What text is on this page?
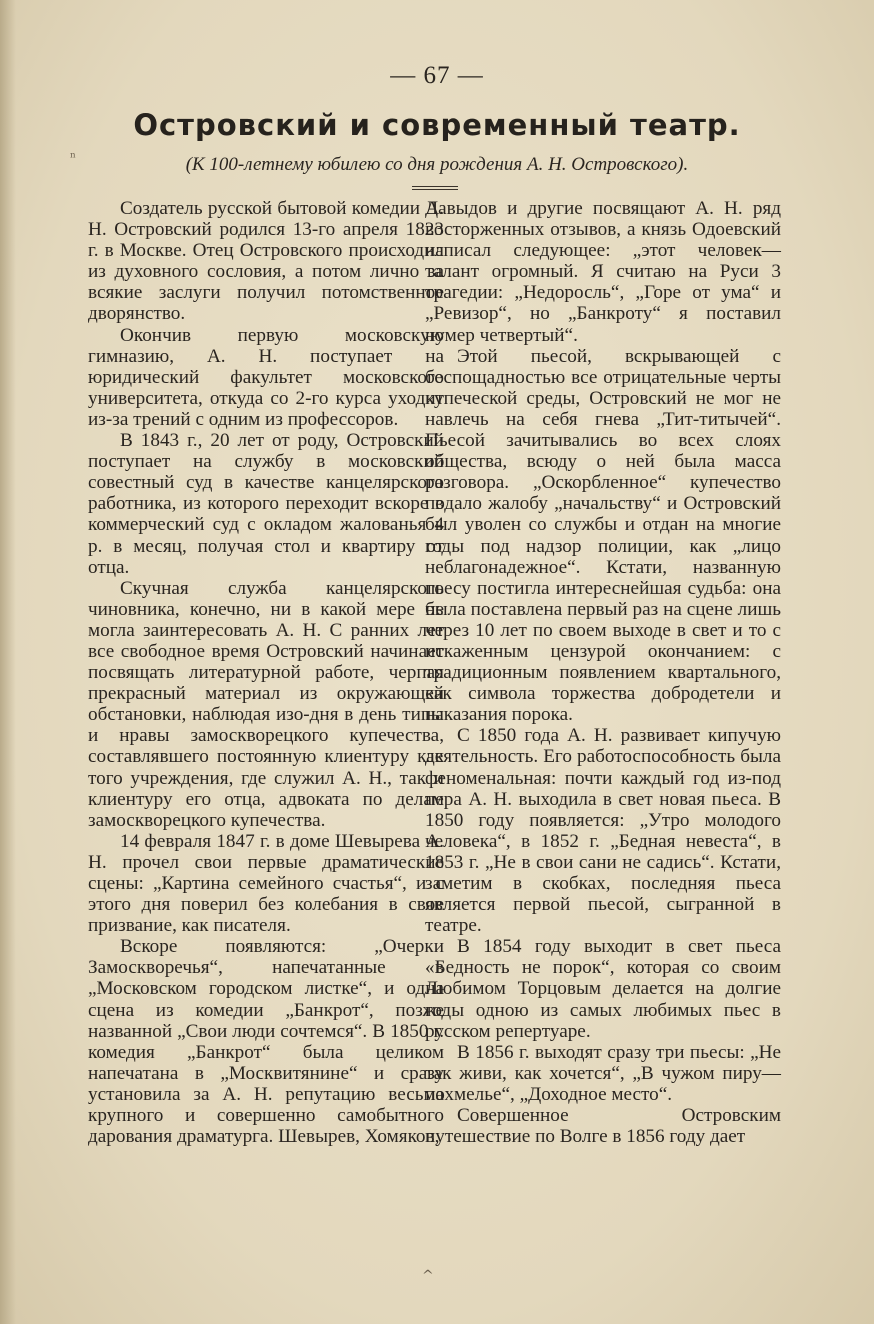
ⁿ
^
— 67 —
Островский и современный театр.
(К 100-летнему юбилею со дня рождения А. Н. Островского).

Создатель русской бытовой комедии А. Н. Островский родился 13-го апреля 1823 г. в Москве. Отец Островского происходил из духовного сословия, а потом лично за всякие заслуги получил потомственное дворянство.

Окончив первую московскую гимназию, А. Н. поступает на юридический факультет московского университета, откуда со 2-го курса уходит из-за трений с одним из профессоров.

В 1843 г., 20 лет от роду, Островский поступает на службу в московский совестный суд в качестве канцелярского работника, из которого переходит вскоре в коммерческий суд с окладом жалованья 4 р. в месяц, получая стол и квартиру от отца.

Скучная служба канцелярского чиновника, конечно, ни в какой мере не могла заинтересовать А. Н. С ранних лет все свободное время Островский начинает посвящать литературной работе, черпая прекрасный материал из окружающей обстановки, наблюдая изо-дня в день типы и нравы замоскворецкого купечества, составлявшего постоянную клиентуру как того учреждения, где служил А. Н., так и клиентуру его отца, адвоката по делам замоскворецкого купечества.

14 февраля 1847 г. в доме Шевырева А. Н. прочел свои первые драматические сцены: „Картина семейного счастья“, и с этого дня поверил без колебания в свое призвание, как писателя.

Вскоре появляются: „Очерки Замоскворечья“, напечатанные в „Московском городском листке“, и одна сцена из комедии „Банкрот“, позже названной „Свои люди сочтемся“. В 1850 г. комедия „Банкрот“ была целиком напечатана в „Москвитянине“ и сразу установила за А. Н. репутацию весьма крупного и совершенно самобытного дарования драматурга. Шевырев, Хомяков,

Давыдов и другие посвящают А. Н. ряд восторженных отзывов, а князь Одоевский написал следующее: „этот человек—талант огромный. Я считаю на Руси 3 трагедии: „Недоросль“, „Горе от ума“ и „Ревизор“, но „Банкроту“ я поставил нумер четвертый“.

Этой пьесой, вскрывающей с беспощадностью все отрицательные черты купеческой среды, Островский не мог не навлечь на себя гнева „Тит-титычей“. Пьесой зачитывались во всех слоях общества, всюду о ней была масса разговора. „Оскорбленное“ купечество подало жалобу „начальству“ и Островский был уволен со службы и отдан на многие годы под надзор полиции, как „лицо неблагонадежное“. Кстати, названную пьесу постигла интереснейшая судьба: она была поставлена первый раз на сцене лишь через 10 лет по своем выходе в свет и то с искаженным цензурой окончанием: с традиционным появлением квартального, как символа торжества добродетели и наказания порока.

С 1850 года А. Н. развивает кипучую деятельность. Его работоспособность была феноменальная: почти каждый год из-под пера А. Н. выходила в свет новая пьеса. В 1850 году появляется: „Утро молодого человека“, в 1852 г. „Бедная невеста“, в 1853 г. „Не в свои сани не садись“. Кстати, заметим в скобках, последняя пьеса является первой пьесой, сыгранной в театре.

В 1854 году выходит в свет пьеса «Бедность не порок“, которая со своим Любимом Торцовым делается на долгие годы одною из самых любимых пьес в русском репертуаре.

В 1856 г. выходят сразу три пьесы: „Не так живи, как хочется“, „В чужом пиру—похмелье“, „Доходное место“.

Совершенное Островским путешествие по Волге в 1856 году дает
